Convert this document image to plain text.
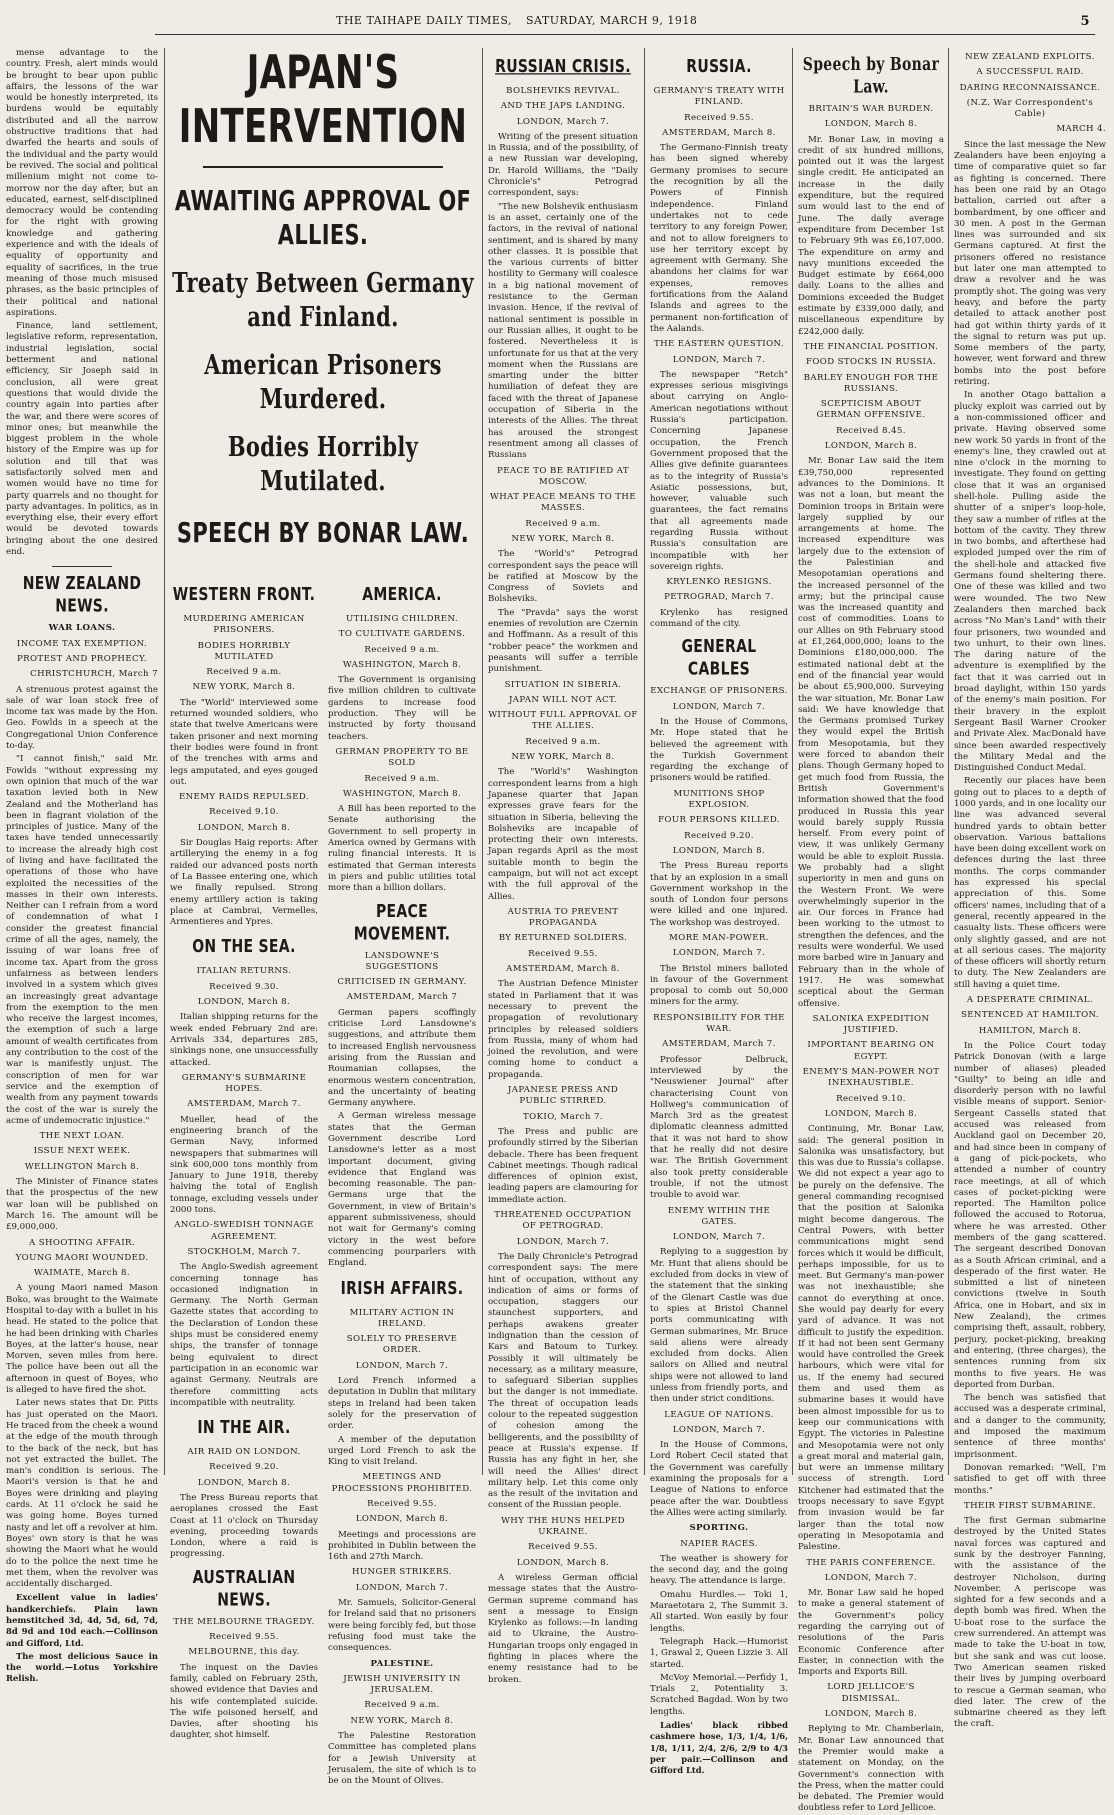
THE TAIHAPE DAILY TIMES, SATURDAY, MARCH 9, 1918	5

mense advantage to the country. Fresh, alert minds would be brought to bear upon public affairs, the lessons of the war would be honestly interpreted, its burdens would be equitably distributed and all the narrow obstructive traditions that had dwarfed the hearts and souls of the individual and the party would be revived. The social and political millenium might not come to-morrow nor the day after, but an educated, earnest, self-disciplined democracy would be contending for the right with growing knowledge and gathering experience and with the ideals of equality of opportunity and equality of sacrifices, in the true meaning of those much misused phrases, as the basic principles of their political and national aspirations.

Finance, land settlement, legislative reform, representation, industrial legislation, social betterment and national efficiency, Sir Joseph said in conclusion, all were great questions that would divide the country again into parties after the war, and there were scores of minor ones; but meanwhile the biggest problem in the whole history of the Empire was up for solution and till that was satisfactorily solved men and women would have no time for party quarrels and no thought for party advantages. In politics, as in everything else, their every effort would be devoted towards bringing about the one desired end.

NEW ZEALAND NEWS.
WAR LOANS.
INCOME TAX EXEMPTION.
PROTEST AND PROPHECY.
CHRISTCHURCH, March 7

A strenuous protest against the sale of war loan stock free of income tax was made by the Hon. Geo. Fowlds in a speech at the Congregational Union Conference to-day.

"I cannot finish," said Mr. Fowlds "without expressing my own opinion that much of the war taxation levied both in New Zealand and the Motherland has been in flagrant violation of the principles of justice. Many of the taxes have tended unnecessarily to increase the already high cost of living and have facilitated the operations of those who have exploited the necessities of the masses in their own interests. Neither can I refrain from a word of condemnation of what I consider the greatest financial crime of all the ages, namely, the issuing of war loans free of income tax. Apart from the gross unfairness as between lenders involved in a system which gives an increasingly great advantage from the exemption to the men who receive the largest incomes, the exemption of such a large amount of wealth certificates from any contribution to the cost of the war is manifestly unjust. The conscription of men for war service and the exemption of wealth from any payment towards the cost of the war is surely the acme of undemocratic injustice."

THE NEXT LOAN.
ISSUE NEXT WEEK.
WELLINGTON March 8.

The Minister of Finance states that the prospectus of the new war loan will be published on March 16. The amount will be £9,000,000.

A SHOOTING AFFAIR.
YOUNG MAORI WOUNDED.
WAIMATE, March 8.

A young Maori named Mason Boko, was brought to the Waimate Hospital to-day with a bullet in his head. He stated to the police that he had been drinking with Charles Boyes, at the latter's house, near Morven, seven miles from here. The police have been out all the afternoon in quest of Boyes, who is alleged to have fired the shot.

Later news states that Dr. Pitts has just operated on the Maori. He traced from the cheek a wound at the edge of the mouth through to the back of the neck, but has not yet extracted the bullet. The man's condition is serious. The Maori's version is that he and Boyes were drinking and playing cards. At 11 o'clock he said he was going home. Boyes turned nasty and let off a revolver at him. Boyes' own story is that he was showing the Maori what he would do to the police the next time he met them, when the revolver was accidentally discharged.

Excellent value in ladies' handkerchiefs. Plain lawn hemstitched 3d, 4d, 5d, 6d, 7d, 8d 9d and 10d each.—Collinson and Gifford, Ltd.

The most delicious Sauce in the world.—Lotus Yorkshire Relish.

JAPAN'S INTERVENTION
AWAITING APPROVAL OF ALLIES.
Treaty Between Germany and Finland.
American Prisoners Murdered.
Bodies Horribly Mutilated.
SPEECH BY BONAR LAW.
WESTERN FRONT.
MURDERING AMERICAN PRISONERS.
BODIES HORRIBLY MUTILATED
Received 9 a.m.
NEW YORK, March 8.

The "World" interviewed some returned wounded soldiers, who state that twelve Americans were taken prisoner and next morning their bodies were found in front of the trenches with arms and legs amputated, and eyes gouged out.

ENEMY RAIDS REPULSED.
Received 9.10.
LONDON, March 8.

Sir Douglas Haig reports: After artillerying the enemy in a fog raided our advanced posts north of La Bassee entering one, which we finally repulsed. Strong enemy artillery action is taking place at Cambrai, Vermelles, Armentieres and Ypres.

ON THE SEA.
ITALIAN RETURNS.
Received 9.30.
LONDON, March 8.

Italian shipping returns for the week ended February 2nd are: Arrivals 334, departures 285, sinkings none, one unsuccessfully attacked.

GERMANY'S SUBMARINE HOPES.
AMSTERDAM, March 7.

Mueller, head of the engineering branch of the German Navy, informed newspapers that submarines will sink 600,000 tons monthly from January to June 1918, thereby halving the total of English tonnage, excluding vessels under 2000 tons.

ANGLO-SWEDISH TONNAGE AGREEMENT.
STOCKHOLM, March 7.

The Anglo-Swedish agreement concerning tonnage has occasioned indignation in Germany. The North German Gazette states that according to the Declaration of London these ships must be considered enemy ships, the transfer of tonnage being equivalent to direct participation in an economic war against Germany. Neutrals are therefore committing acts incompatible with neutrality.

IN THE AIR.
AIR RAID ON LONDON.
Received 9.20.
LONDON, March 8.

The Press Bureau reports that aeroplanes crossed the East Coast at 11 o'clock on Thursday evening, proceeding towards London, where a raid is progressing.

AUSTRALIAN NEWS.
THE MELBOURNE TRAGEDY.
Received 9.55.
MELBOURNE, this day.

The inquest on the Davies family, cabled on February 25th, showed evidence that Davies and his wife contemplated suicide. The wife poisoned herself, and Davies, after shooting his daughter, shot himself.

AMERICA.
UTILISING CHILDREN.
TO CULTIVATE GARDENS.
Received 9 a.m.
WASHINGTON, March 8.

The Government is organising five million children to cultivate gardens to increase food production. They will be instructed by forty thousand teachers.

GERMAN PROPERTY TO BE SOLD
Received 9 a.m.
WASHINGTON, March 8.

A Bill has been reported to the Senate authorising the Government to sell property in America owned by Germans with ruling financial interests. It is estimated that German interests in piers and public utilities total more than a billion dollars.

PEACE MOVEMENT.
LANSDOWNE'S SUGGESTIONS
CRITICISED IN GERMANY.
AMSTERDAM, March 7

German papers scoffingly criticise Lord Lansdowne's suggestions, and attribute them to increased English nervousness arising from the Russian and Roumanian collapses, the enormous western concentration, and the uncertainty of beating Germany anywhere.

A German wireless message states that the German Government describe Lord Lansdowne's letter as a most important document, giving evidence that England was becoming reasonable. The pan-Germans urge that the Government, in view of Britain's apparent submissiveness, should not wait for Germany's coming victory in the west before commencing pourparlers with England.

IRISH AFFAIRS.
MILITARY ACTION IN IRELAND.
SOLELY TO PRESERVE ORDER.
LONDON, March 7.

Lord French informed a deputation in Dublin that military steps in Ireland had been taken solely for the preservation of order.

A member of the deputation urged Lord French to ask the King to visit Ireland.

MEETINGS AND PROCESSIONS PROHIBITED.
Received 9.55.
LONDON, March 8.

Meetings and processions are prohibited in Dublin between the 16th and 27th March.

HUNGER STRIKERS.
LONDON, March 7.

Mr. Samuels, Solicitor-General for Ireland said that no prisoners were being forcibly fed, but those refusing food must take the consequences.

PALESTINE.
JEWISH UNIVERSITY IN JERUSALEM.
Received 9 a.m.
NEW YORK, March 8.

The Palestine Restoration Committee has completed plans for a Jewish University at Jerusalem, the site of which is to be on the Mount of Olives.

RUSSIAN CRISIS.
BOLSHEVIKS REVIVAL.
AND THE JAPS LANDING.
LONDON, March 7.

Writing of the present situation in Russia, and of the possibility, of a new Russian war developing, Dr. Harold Williams, the "Daily Chronicle's" Petrograd correspondent, says:

"The new Bolshevik enthusiasm is an asset, certainly one of the factors, in the revival of national sentiment, and is shared by many other classes. It is possible that the various currents of bitter hostility to Germany will coalesce in a big national movement of resistance to the German invasion. Hence, if the revival of national sentiment is possible in our Russian allies, it ought to be fostered. Nevertheless it is unfortunate for us that at the very moment when the Russians are smarting under the bitter humiliation of defeat they are faced with the threat of Japanese occupation of Siberia in the interests of the Allies. The threat has aroused the strongest resentment among all classes of Russians

PEACE TO BE RATIFIED AT MOSCOW.
WHAT PEACE MEANS TO THE MASSES.
Received 9 a.m.
NEW YORK, March 8.

The "World's" Petrograd correspondent says the peace will be ratified at Moscow by the Congress of Soviets and Bolsheviks.

The "Pravda" says the worst enemies of revolution are Czernin and Hoffmann. As a result of this "robber peace" the workmen and peasants will suffer a terrible punishment.

SITUATION IN SIBERIA.
JAPAN WILL NOT ACT.
WITHOUT FULL APPROVAL OF THE ALLIES.
Received 9 a.m.
NEW YORK, March 8.

The "World's" Washington correspondent learns from a high Japanese quarter that Japan expresses grave fears for the situation in Siberia, believing the Bolsheviks are incapable of protecting their own interests. Japan regards April as the most suitable month to begin the campaign, but will not act except with the full approval of the Allies.

AUSTRIA TO PREVENT PROPAGANDA
BY RETURNED SOLDIERS.
Received 9.55.
AMSTERDAM, March 8.

The Austrian Defence Minister stated in Parliament that it was necessary to prevent the propagation of revolutionary principles by released soldiers from Russia, many of whom had joined the revolution, and were coming home to conduct a propaganda.

JAPANESE PRESS AND PUBLIC STIRRED.
TOKIO, March 7.

The Press and public are profoundly stirred by the Siberian debacle. There has been frequent Cabinet meetings. Though radical differences of opinion exist, leading papers are clamouring for immediate action.

THREATENED OCCUPATION OF PETROGRAD.
LONDON, March 7.

The Daily Chronicle's Petrograd correspondent says: The mere hint of occupation, without any indication of aims or forms of occupation, staggers our staunchest supporters, and perhaps awakens greater indignation than the cession of Kars and Batoum to Turkey. Possibly it will ultimately be necessary, as a military measure, to safeguard Siberian supplies but the danger is not immediate. The threat of occupation leads colour to the repeated suggestion of cohesion among the belligerents, and the possibility of peace at Russia's expense. If Russia has any fight in her, she will need the Allies' direct military help. Let this come only as the result of the invitation and consent of the Russian people.

WHY THE HUNS HELPED UKRAINE.
Received 9.55.
LONDON, March 8.

A wireless German official message states that the Austro-German supreme command has sent a message to Ensign Krylenko as follows:—In landing aid to Ukraine, the Austro-Hungarian troops only engaged in fighting in places where the enemy resistance had to be broken.

RUSSIA.
GERMANY'S TREATY WITH FINLAND.
Received 9.55.
AMSTERDAM, March 8.

The Germano-Finnish treaty has been signed whereby Germany promises to secure the recognition by all the Powers of Finnish independence. Finland undertakes not to cede territory to any foreign Power, and not to allow foreigners to use her territory except by agreement with Germany. She abandons her claims for war expenses, removes fortifications from the Aaland Islands and agrees to the permanent non-fortification of the Aalands.

THE EASTERN QUESTION.
LONDON, March 7.

The newspaper "Retch" expresses serious misgivings about carrying on Anglo-American negotiations without Russia's participation. Concerning Japanese occupation, the French Government proposed that the Allies give definite guarantees as to the integrity of Russia's Asiatic possessions, but, however, valuable such guarantees, the fact remains that all agreements made regarding Russia without Russia's consultation are incompatible with her sovereign rights.

KRYLENKO RESIGNS.
PETROGRAD, March 7.

Krylenko has resigned command of the city.

GENERAL CABLES
EXCHANGE OF PRISONERS.
LONDON, March 7.

In the House of Commons, Mr. Hope stated that he believed the agreement with the Turkish Government regarding the exchange of prisoners would be ratified.

MUNITIONS SHOP EXPLOSION.
FOUR PERSONS KILLED.
Received 9.20.
LONDON, March 8.

The Press Bureau reports that by an explosion in a small Government workshop in the south of London four persons were killed and one injured. The workshop was destroyed.

MORE MAN-POWER.
LONDON, March 7.

The Bristol miners balloted in favour of the Government proposal to comb out 50,000 miners for the army.

RESPONSIBILITY FOR THE WAR.
AMSTERDAM, March 7.

Professor Delbruck, interviewed by the "Neuswiener Journal" after characterising Count von Hollweg's communication of March 3rd as the greatest diplomatic cleanness admitted that it was not hard to show that he really did not desire war. The British Government also took pretty considerable trouble, if not the utmost trouble to avoid war.

ENEMY WITHIN THE GATES.
LONDON, March 7.

Replying to a suggestion by Mr. Hunt that aliens should be excluded from docks in view of the statement that the sinking of the Glenart Castle was due to spies at Bristol Channel ports communicating with German submarines, Mr. Bruce said aliens were already excluded from docks. Alien sailors on Allied and neutral ships were not allowed to land unless from friendly ports, and then under strict conditions.

LEAGUE OF NATIONS.
LONDON, March 7.

In the House of Commons, Lord Robert Cecil stated that the Government was carefully examining the proposals for a League of Nations to enforce peace after the war. Doubtless the Allies were acting similarly.

SPORTING.
NAPIER RACES.

The weather is showery for the second day, and the going heavy. The attendance is large.

Omahu Hurdles.— Toki 1, Maraetotara 2, The Summit 3. All started. Won easily by four lengths.

Telegraph Hack.—Humorist 1, Grawal 2, Queen Lizzie 3. All started.

McVoy Memorial.—Perfidy 1, Trials 2, Potentiality 3. Scratched Bagdad. Won by two lengths.

Ladies' black ribbed cashmere hose, 1/3, 1/4, 1/6, 1/8, 1/11, 2/4, 2/6, 2/9 to 4/3 per pair.—Collinson and Gifford Ltd.

Speech by Bonar Law.
BRITAIN'S WAR BURDEN.
LONDON, March 8.

Mr. Bonar Law, in moving a credit of six hundred millions, pointed out it was the largest single credit. He anticipated an increase in the daily expenditure, but the required sum would last to the end of June. The daily average expenditure from December 1st to February 9th was £6,107,000. The expenditure on army and navy munitions exceeded the Budget estimate by £664,000 daily. Loans to the allies and Dominions exceeded the Budget estimate by £339,000 daily, and miscellaneous expenditure by £242,000 daily.

THE FINANCIAL POSITION.
FOOD STOCKS IN RUSSIA.
BARLEY ENOUGH FOR THE RUSSIANS.
SCEPTICISM ABOUT GERMAN OFFENSIVE.
Received 8.45.
LONDON, March 8.

Mr. Bonar Law said the item £39,750,000 represented advances to the Dominions. It was not a loan, but meant the Dominion troops in Britain were largely supplied by our arrangements at home. The increased expenditure was largely due to the extension of the Palestinian and Mesopotamian operations and the increased personnel of the army; but the principal cause was the increased quantity and cost of commodities. Loans to our Allies on 9th February stood at £1,264,000,000; loans to the Dominions £180,000,000. The estimated national debt at the end of the financial year would be about £5,900,000. Surveying the war situation, Mr. Bonar Law said: We have knowledge that the Germans promised Turkey they would expel the British from Mesopotamia, but they were forced to abandon their plans. Though Germany hoped to get much food from Russia, the British Government's information showed that the food produced in Russia this year would barely supply Russia herself. From every point of view, it was unlikely Germany would be able to exploit Russia. We probably had a slight superiority in men and guns on the Western Front. We were overwhelmingly superior in the air. Our forces in France had been working to the utmost to strengthen the defences, and the results were wonderful. We used more barbed wire in January and February than in the whole of 1917. He was somewhat sceptical about the German offensive.

SALONIKA EXPEDITION JUSTIFIED.
IMPORTANT BEARING ON EGYPT.
ENEMY'S MAN-POWER NOT INEXHAUSTIBLE.
Received 9.10.
LONDON, March 8.

Continuing, Mr. Bonar Law, said: The general position in Salonika was unsatisfactory, but this was due to Russia's collapse. We did not expect a year ago to be purely on the defensive. The general commanding recognised that the position at Salonika might become dangerous. The Central Powers, with better communications might send forces which it would be difficult, perhaps impossible, for us to meet. But Germany's man-power was not inexhaustible; she cannot do everything at once. She would pay dearly for every yard of advance. It was not difficult to justify the expedition. If it had not been sent Germany would have controlled the Greek harbours, which were vital for us. If the enemy had secured them and used them as submarine bases it would have been almost impossible for us to keep our communications with Egypt. The victories in Palestine and Mesopotamia were not only a great moral and material gain, but were an immense military success of strength. Lord Kitchener had estimated that the troops necessary to save Egypt from invasion would be far larger than the total now operating in Mesopotamia and Palestine.

THE PARIS CONFERENCE.
LONDON, March 7.

Mr. Bonar Law said he hoped to make a general statement of the Government's policy regarding the carrying out of resolutions of the Paris Economic Conference after Easter, in connection with the Imports and Exports Bill.

LORD JELLICOE'S DISMISSAL.
LONDON, March 8.

Replying to Mr. Chamberlain, Mr. Bonar Law announced that the Premier would make a statement on Monday, on the Government's connection with the Press, when the matter could be debated. The Premier would doubtless refer to Lord Jellicoe.

NEW ZEALAND EXPLOITS.
A SUCCESSFUL RAID.
DARING RECONNAISSANCE.
(N.Z. War Correspondent's Cable)
MARCH 4.

Since the last message the New Zealanders have been enjoying a time of comparative quiet so far as fighting is concerned. There has been one raid by an Otago battalion, carried out after a bombardment, by one officer and 30 men. A post in the German lines was surrounded and six Germans captured. At first the prisoners offered no resistance but later one man attempted to draw a revolver and he was promptly shot. The going was very heavy, and before the party detailed to attack another post had got within thirty yards of it the signal to return was put up. Some members of the party, however, went forward and threw bombs into the post before retiring.

In another Otago battalion a plucky exploit was carried out by a non-commissioned officer and private. Having observed some new work 50 yards in front of the enemy's line, they crawled out at nine o'clock in the morning to investigate. They found on getting close that it was an organised shell-hole. Pulling aside the shutter of a sniper's loop-hole, they saw a number of rifles at the bottom of the cavity. They threw in two bombs, and afterthese had exploded jumped over the rim of the shell-hole and attacked five Germans found sheltering there. One of these was killed and two were wounded. The two New Zealanders then marched back across "No Man's Land" with their four prisoners, two wounded and two unhurt, to their own lines. The daring nature of the adventure is exemplified by the fact that it was carried out in broad daylight, within 150 yards of the enemy's main position. For their bravery in the exploit Sergeant Basil Warner Crooker and Private Alex. MacDonald have since been awarded respectively the Military Medal and the Distinguished Conduct Medal.

Recently our places have been going out to places to a depth of 1000 yards, and in one locality our line was advanced several hundred yards to obtain better observation. Various battalions have been doing excellent work on defences during the last three months. The corps commander has expressed his special appreciation of this. Some officers' names, including that of a general, recently appeared in the casualty lists. These officers were only slightly gassed, and are not at all serious cases. The majority of these officers will shortly return to duty. The New Zealanders are still having a quiet time.

A DESPERATE CRIMINAL.
SENTENCED AT HAMILTON.
HAMILTON, March 8.

In the Police Court today Patrick Donovan (with a large number of aliases) pleaded "Guilty" to being an idle and disorderly person with no lawful visible means of support. Senior-Sergeant Cassells stated that accused was released from Auckland gaol on December 20, and had since been in company of a gang of pick-pockets, who attended a number of country race meetings, at all of which cases of pocket-picking were reported. The Hamilton police followed the accused to Rotorua, where he was arrested. Other members of the gang scattered. The sergeant described Donovan as a South African criminal, and a desperado of the first water. He submitted a list of nineteen convictions (twelve in South Africa, one in Hobart, and six in New Zealand), the crimes comprising theft, assault, robbery, perjury, pocket-picking, breaking and entering, (three charges), the sentences running from six months to five years. He was deported from Durban.

The bench was satisfied that accused was a desperate criminal, and a danger to the community, and imposed the maximum sentence of three months' imprisonment.

Donovan remarked: "Well, I'm satisfied to get off with three months."

THEIR FIRST SUBMARINE.

The first German submarine destroyed by the United States naval forces was captured and sunk by the destroyer Fanning, with the assistance of the destroyer Nicholson, during November. A periscope was sighted for a few seconds and a depth bomb was fired. When the U-boat rose to the surface the crew surrendered. An attempt was made to take the U-boat in tow, but she sank and was cut loose. Two American seamen risked their lives by jumping overboard to rescue a German seaman, who died later. The crew of the submarine cheered as they left the craft.
